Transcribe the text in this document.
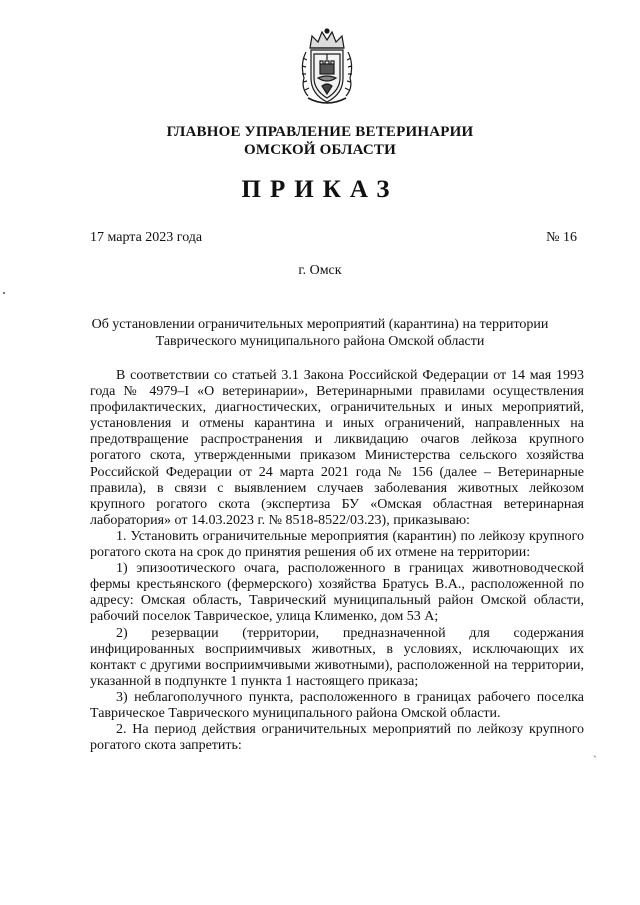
ГЛАВНОЕ УПРАВЛЕНИЕ ВЕТЕРИНАРИИ
ОМСКОЙ ОБЛАСТИ
ПРИКАЗ
17 марта 2023 года	№ 16
г. Омск
Об установлении ограничительных мероприятий (карантина) на территории
Таврического муниципального района Омской области

В соответствии со статьей 3.1 Закона Российской Федерации от 14 мая 1993 года № 4979–I «О ветеринарии», Ветеринарными правилами осуществления профилактических, диагностических, ограничительных и иных мероприятий, установления и отмены карантина и иных ограничений, направленных на предотвращение распространения и ликвидацию очагов лейкоза крупного рогатого скота, утвержденными приказом Министерства сельского хозяйства Российской Федерации от 24 марта 2021 года № 156 (далее – Ветеринарные правила), в связи с выявлением случаев заболевания животных лейкозом крупного рогатого скота (экспертиза БУ «Омская областная ветеринарная лаборатория» от 14.03.2023 г. № 8518-8522/03.23), приказываю:

1. Установить ограничительные мероприятия (карантин) по лейкозу крупного рогатого скота на срок до принятия решения об их отмене на территории:

1) эпизоотического очага, расположенного в границах животноводческой фермы крестьянского (фермерского) хозяйства Братусь В.А., расположенной по адресу: Омская область, Таврический муниципальный район Омской области, рабочий поселок Таврическое, улица Клименко, дом 53 А;

2) резервации (территории, предназначенной для содержания инфицированных восприимчивых животных, в условиях, исключающих их контакт с другими восприимчивыми животными), расположенной на территории, указанной в подпункте 1 пункта 1 настоящего приказа;

3) неблагополучного пункта, расположенного в границах рабочего поселка Таврическое Таврического муниципального района Омской области.

2. На период действия ограничительных мероприятий по лейкозу крупного рогатого скота запретить:	ˏ
